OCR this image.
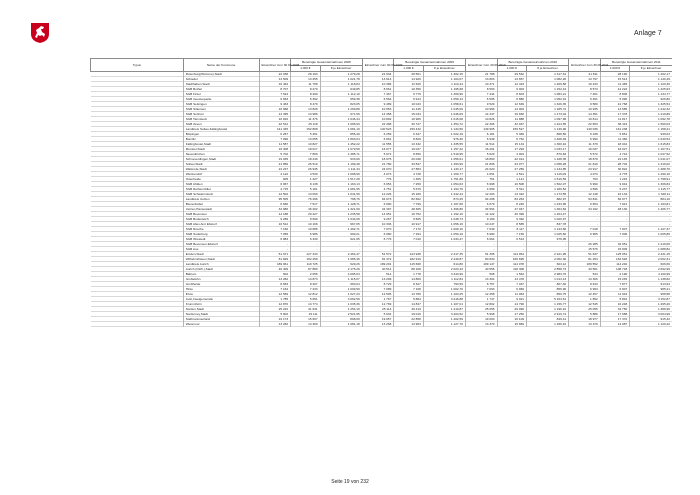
Anlage 7
Typus	Name der Kommune	Einwohner zum 30.06.2008	Bereinigte Gesamteinnahmen 2008		Einwohner zum 30.06.2009	Bereinigte Gesamteinnahmen 2009		Einwohner zum 30.06.2010	Bereinigte Gesamteinnahmen 2010		Einwohner zum 30.06.2011	Bereinigte Gesamteinnahmen 2011	
			1.000 €	€ je Einwohner		1.000 €	€ je Einwohner		1.000 €	€ je Einwohner		1.000 €	€ je Einwohner
	Rotenburg(Wümme),Stadt	22 038	28 193	1 279,28	21 934	28 561	1 302,15	21 788	29 532	1 317,61	21 811	28 190	1 402,17
	Schiedel	13 509	13 255	1 021,78	13 614	14 929	1 104,07	13 803	13 657	1 082,20	13 797	15 513	1 140,49
	Stadthaben,Stadt	16 464	11 798	1 118,84	10 386	11 520	1 110,44	10 371	12 423	1 209,58	10 233	11 465	1 120,36
	SGB Bothel	8 707	8 270	949,85	8 661	10 356	1 195,68	8 593	9 903	1 152,44	8 573	12 222	1 425,63
	SGB Fintel	7 524	8 409	1 112,10	7 467	9 779	1 309,96	7 444	8 603	1 083,21	7 461	8 806	1 134,77
	SGB Geestequelle	6 663	6 392	959,38	6 564	6 913	1 059,14	6 505	6 886	1 052,91	6 461	5 990	926,80
	SGB Selsingen	9 463	8 479	823,05	9 489	10 043	1 058,61	9 529	12 639	1 326,35	9 580	12 768	1 325,54
	SGB Sittensen	10 968	13 828	1 269,88	10 953	11 445	1 045,09	10 966	13 003	1 185,72	10 935	13 585	1 242,32
	SGB Sottrum	14 395	13 986	971,59	14 358	15 034	1 046,69	14 347	16 830	1 173,04	14 351	17 378	1 210,89
	SGB Tarmstedt	10 816	11 376	1 046,44	10 802	10 965	1 015,08	10 826	11 888	1 097,96	10 814	11 817	1 092,78
	SGB Zeven	22 512	25 118	1 095,93	22 398	30 727	1 354,72	22 306	32 037	1 424,55	22 653	38 419	1 560,03
	Landkreis Soltau-Fallingbostel	141 345	152 808	1 081,10	140 523	159 432	1 134,56	139 905	159 527	1 139,96	140 036	161 238	1 158,41
	Bispingen	6 267	5 361	855,49	6 259	6 347	1 022,16	6 181	5 369	868,56	6 238	5 861	939,63
	Bomlitz	7 090	13 055	1 803,04	6 961	8 829	976,36	6 939	6 762	1 408,49	6 990	11 466	1 640,54
	Fallingbostel,Stadt	11 587	10 827	1 452,22	11 555	13 332	1 335,55	11 514	15 134	1 360,10	11 379	18 044	1 615,83
	Munster,Stadt	16 308	18 017	1 079,59	16 077	19 047	1 157,22	16 291	17 293	1 033,17	16 037	18 027	1 167,51
	Neuenkirchen	5 702	7 809	1 385,71	5 672	8 650	1 519,95	5 629	4 904	870,83	5 572	4 744	1 047,52
	Schneverdingen,Stadt	19 035	18 249	933,69	18 975	20 048	1 056,61	18 860	22 014	1 168,35	18 879	22 145	1 041,07
	Soltau,Stadt	21 850	26 519	1 199,48	21 780	33 847	1 493,99	21 806	23 077	1 058,28	21 810	28 702	1 316,02
	Walsrode,Stadt	24 237	26 935	1 111,34	24 070	27 883	1 133,17	24 020	27 259	1 134,85	23 917	30 822	1 288,70
	Wietzendorf	4 122	4 530	1 098,99	4 073	4 728	1 160,77	4 051	4 521	1 116,09	4 073	4 778	1 290,10
	Osterheide	905	1 227	1 517,28	776	1 365	1 751,86	761	1 141	1 519,59	763	1 215	1 798,91
	SGB Ahlden	6 967	8 138	1 163,13	6 953	7 250	1 054,63	6 998	10 508	1 502,07	6 990	9 042	1 306,84
	SGB Rethem/Aller	4 715	5 161	1 081,95	4 751	5 676	1 194,76	4 669	5 511	1 180,52	4 696	5 237	1 115,77
	SGB Schwarmstedt	12 502	13 060	1 041,59	12 226	15 189	1 242,44	12 203	14 322	1 173,55	12 148	16 134	1 328,11
	Landkreis Uelzen	95 505	76 296	798,76	94 673	82 662	873,25	94 298	83 263	882,97	93 841	82 977	884,16
	Bienenbüttel	6 660	7 517	1 128,71	6 690	7 799	1 167,66	6 679	8 240	1 233,95	6 654	7 941	1 193,81
	Uelzen,Hansestadt	34 986	46 202	1 321,60	34 397	48 365	1 396,80	34 564	47 047	1 364,84	34 192	48 130	1 406,77
	SGB Bevensen	14 188	20 227	1 235,58	14 051	16 752	1 192,16	14 122	20 399	1 204,47	-	-	-
	SGB Bodenteich	9 289	9 699	1 044,08	9 267	9 505	1 048,73	9 199	9 392	1 020,97	-	-	-
	SGB Altes Amt Ebstorf	10 512	10 166	967,05	10 336	10 917	1 056,16	10 247	8 585	837,78	-	-	-
	SGB Rosche	7 160	10 686	1 492,71	7 070	7 170	1 009,16	7 039	8 117	1 143,66	7 018	7 907	1 127,37
	SGB Suderburg	7 055	6 986	990,21	6 980	7 294	1 050,16	6 980	7 159	1 025,60	6 965	7 006	1 005,86
	SGB Wrestedt	6 883	6 330	921,05	6 776	7 010	1 034,47	6 664	6 513	976,95	-	-	-
	SGB Bevensen-Ebstorf	-	-	-	-	-	-	-	-	-	26 285	32 951	1 210,05
	SGB Aue	-	-	-	-	-	-	-	-	-	15 576	15 909	1 088,82
	Emden,Stadt	51 671	127 343	2 464,47	51 572	123 938	2 417,35	51 305	114 964	2 221,95	51 637	125 051	2 431,15
	Wilhelmshaven,Stadt	81 829	162 259	1 985,46	81 372	182 916	2 249,87	80 830	166 695	2 062,30	81 253	162 626	2 002,31
	Landkreis Aurich	189 961	119 725	629,26	189 291	115 668	614,86	189 147	114 078	603,12	189 552	114 240	606,66
	Aurich (Ostfr.),Stadt	40 409	87 880	2 175,29	40 514	88 108	2 023,43	40 556	118 308	2 858,73	40 561	108 748	2 692,99
	Baltrum	502	2 056	4 095,04	514	1 778	3 343,99	508	1 564	2 983,76	534	2 190	4 100,99
	Großefehn	13 282	14 873	1 115,07	13 299	14 869	1 112,84	13 304	13 478	1 013,13	13 306	15 245	1 138,82
	Großheide	8 653	8 307	960,04	8 729	8 327	793,59	8 757	7 037	807,46	8 643	7 877	913,94
	Hinte	7 164	7 233	1 009,59	7 089	7 108	1 002,70	7 093	6 969	856,90	6 993	6 907	985,21
	Ihlow	12 569	12 812	1 027,23	12 505	13 786	1 103,25	12 458	11 063	850,75	12 457	11 942	958,58
	Juist,Inselgemeinde	1 785	5 651	3 092,59	1 767	5 884	3 216,88	1 747	9 021	5 163,61	1 852	5 842	3 152,87
	Krummhörn	12 870	14 774	1 035,36	12 769	14 847	1 107,01	12 802	14 790	1 156,77	12 545	16 248	1 295,20
	Norden,Stadt	25 222	31 631	1 254,10	25 114	30 410	1 210,87	25 055	29 990	1 196,10	25 055	34 750	1 386,96
	Norderney,Stadt	5 902	15 111	2 521,95	5 934	19 016	3 204,52	5 908	17 250	2 919,74	5 886	17 688	3 004,99
	Südbrookmerland	19 173	15 607	808,09	19 057	22 858	1 202,59	19 000	16 109	849,41	18 977	17 370	915,32
	Wiesmoor	13 282	14 360	1 081,18	13 268	14 963	1 127,70	13 370	15 869	1 186,91	13 379	14 987	1 120,22
Seite 19 von 232
